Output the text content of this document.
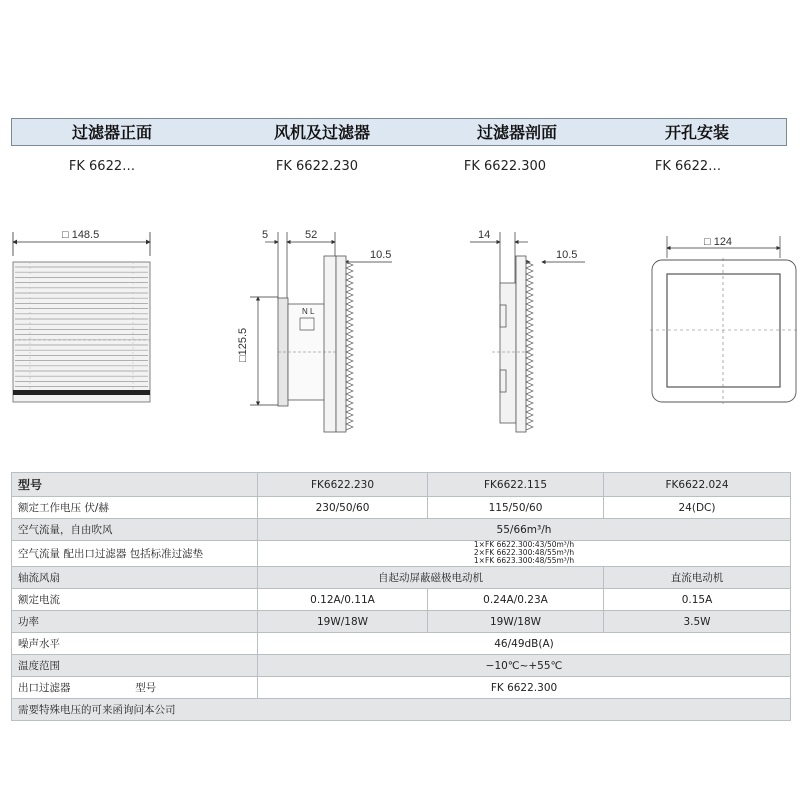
过滤器正面	风机及过滤器	过滤器剖面	开孔安装
FK 6622…	FK 6622.230	FK 6622.300	FK 6622…
□ 148.5	5	52
10.5
□125.5
N L
14
10.5
□ 124
型号	FK6622.230	FK6622.115	FK6622.024
额定工作电压 伏/赫	230/50/60	115/50/60	24(DC)
空气流量，自由吹风	55/66m³/h		
空气流量 配出口过滤器 包括标准过滤垫	1×FK 6622.300:43/50m³/h
2×FK 6622.300:48/55m³/h
1×FK 6623.300:48/55m³/h		

轴流风扇	自起动屏蔽磁极电动机		直流电动机
额定电流	0.12A/0.11A	0.24A/0.23A	0.15A
功率	19W/18W	19W/18W	3.5W
噪声水平	46/49dB(A)		
温度范围	−10℃~+55℃		
出口过滤器 型号	FK 6622.300		
需要特殊电压的可来函询问本公司			
